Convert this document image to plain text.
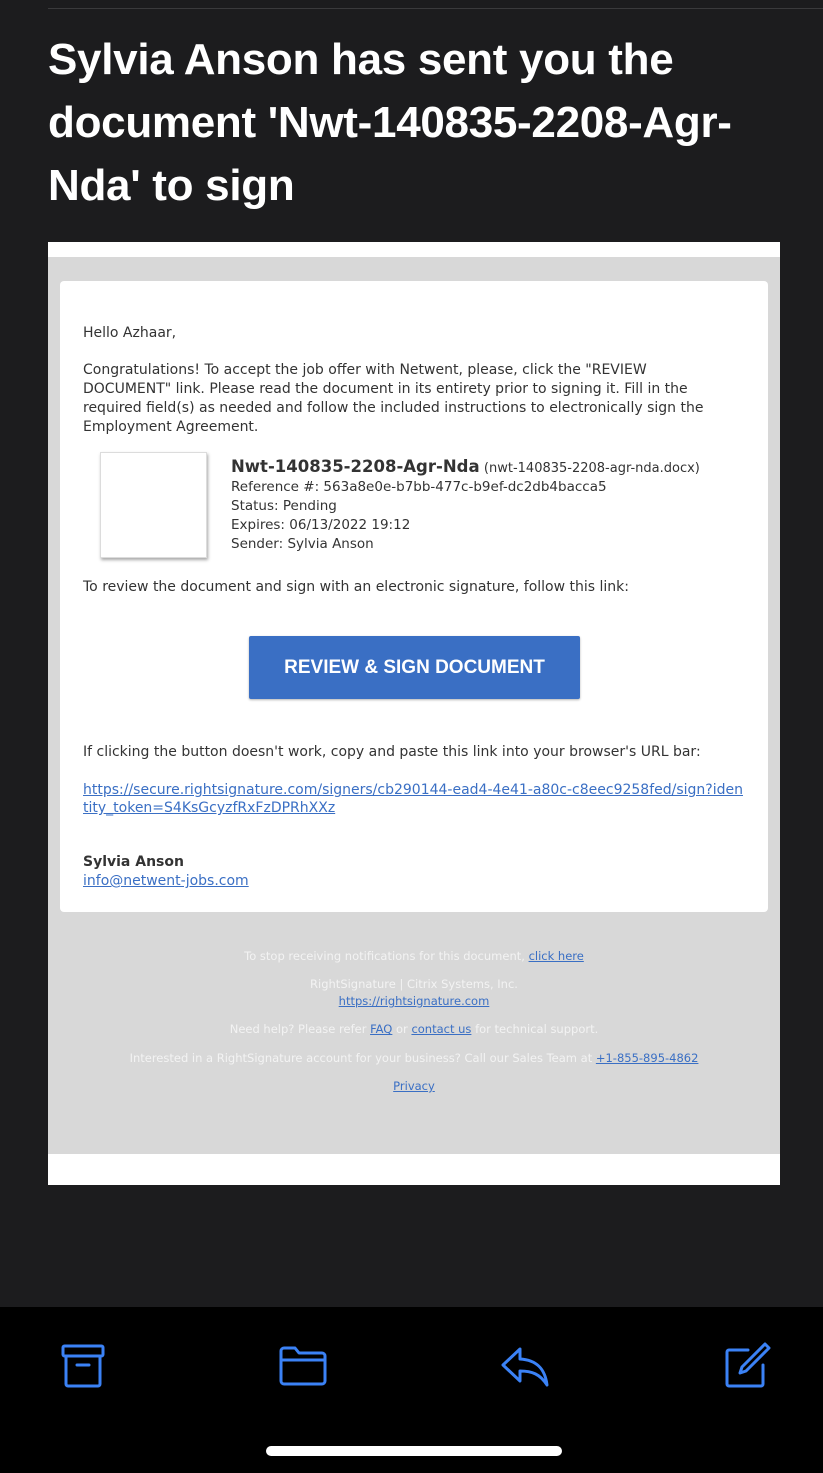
Sylvia Anson has sent you the document 'Nwt-140835-2208-Agr-Nda' to sign
Hello Azhaar,
Congratulations! To accept the job offer with Netwent, please, click the "REVIEW DOCUMENT" link. Please read the document in its entirety prior to signing it. Fill in the required field(s) as needed and follow the included instructions to electronically sign the Employment Agreement.
Nwt-140835-2208-Agr-Nda (nwt-140835-2208-agr-nda.docx)
Reference #: 563a8e0e-b7bb-477c-b9ef-dc2db4bacca5
Status: Pending
Expires: 06/13/2022 19:12
Sender: Sylvia Anson
To review the document and sign with an electronic signature, follow this link:
REVIEW & SIGN DOCUMENT
If clicking the button doesn't work, copy and paste this link into your browser's URL bar:
https://secure.rightsignature.com/signers/cb290144-ead4-4e41-a80c-c8eec9258fed/sign?identity_token=S4KsGcyzfRxFzDPRhXXz
Sylvia Anson
info@netwent-jobs.com
To stop receiving notifications for this document, click here
RightSignature | Citrix Systems, Inc.
https://rightsignature.com
Need help? Please refer FAQ or contact us for technical support.
Interested in a RightSignature account for your business? Call our Sales Team at +1-855-895-4862
Privacy
